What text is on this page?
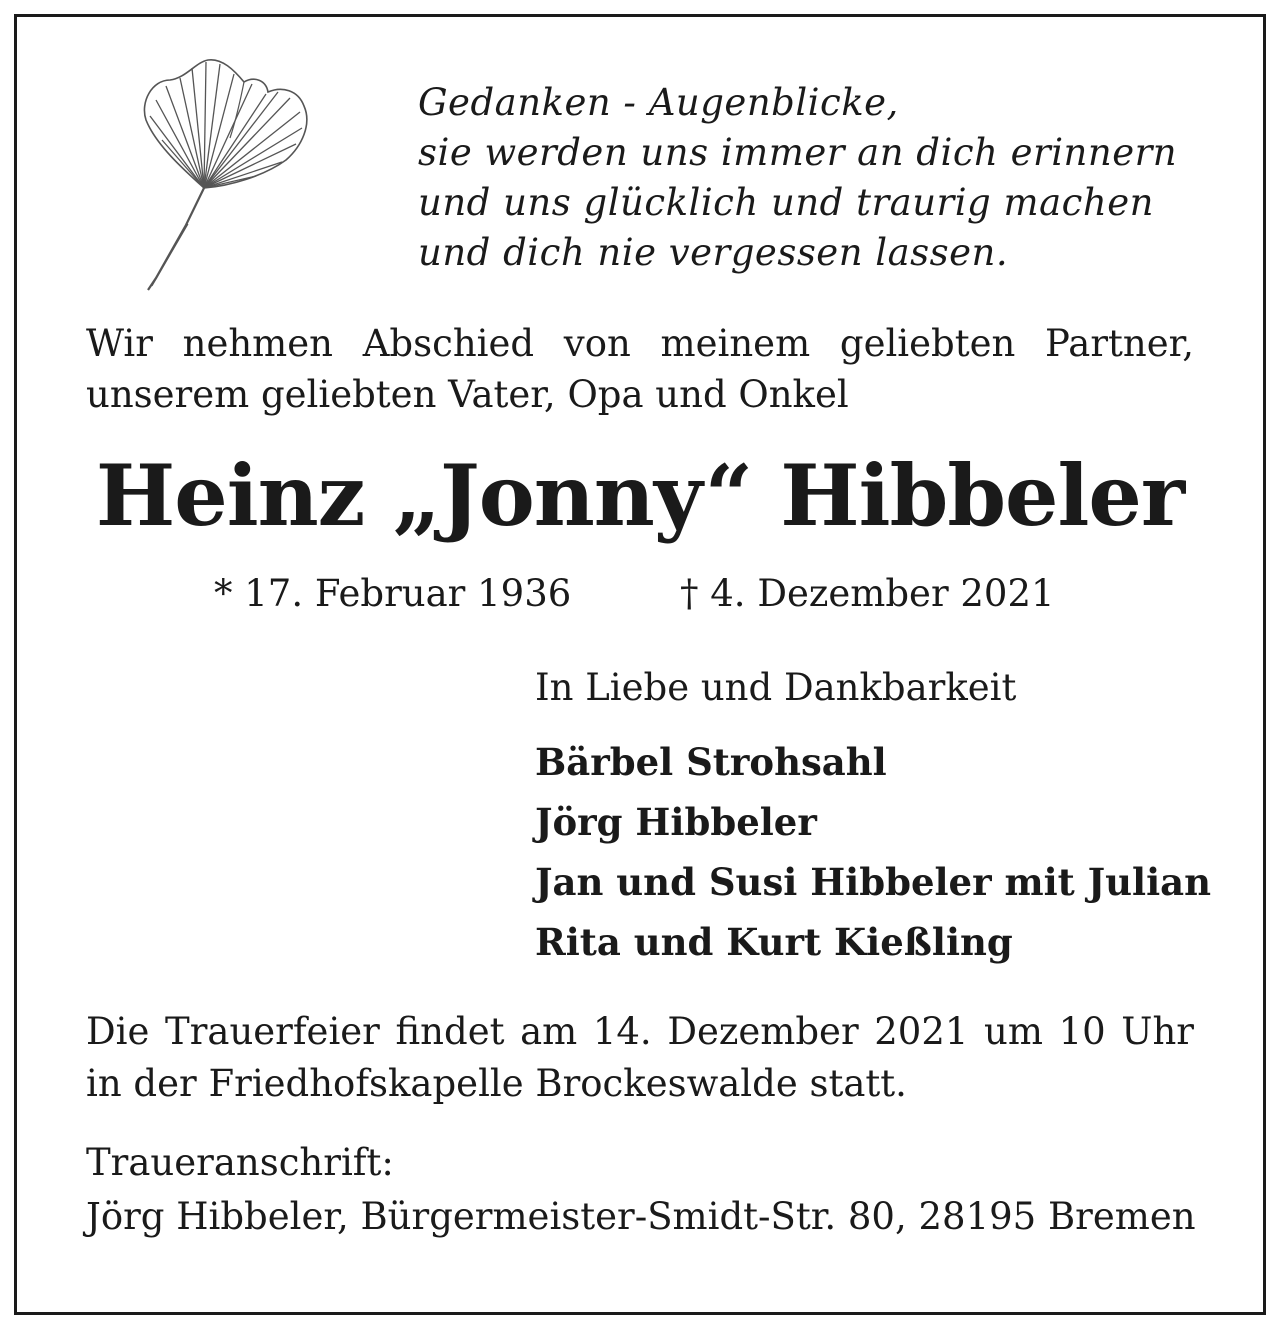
Gedanken - Augenblicke,
sie werden uns immer an dich erinnern
und uns glücklich und traurig machen
und dich nie vergessen lassen.
Wir nehmen Abschied von meinem geliebten Partner,
unserem geliebten Vater, Opa und Onkel
Heinz „Jonny“ Hibbeler
* 17. Februar 1936	† 4. Dezember 2021
In Liebe und Dankbarkeit
Bärbel Strohsahl
Jörg Hibbeler
Jan und Susi Hibbeler mit Julian
Rita und Kurt Kießling
Die Trauerfeier findet am 14. Dezember 2021 um 10 Uhr
in der Friedhofskapelle Brockeswalde statt.
Traueranschrift:
Jörg Hibbeler, Bürgermeister-Smidt-Str. 80, 28195 Bremen
